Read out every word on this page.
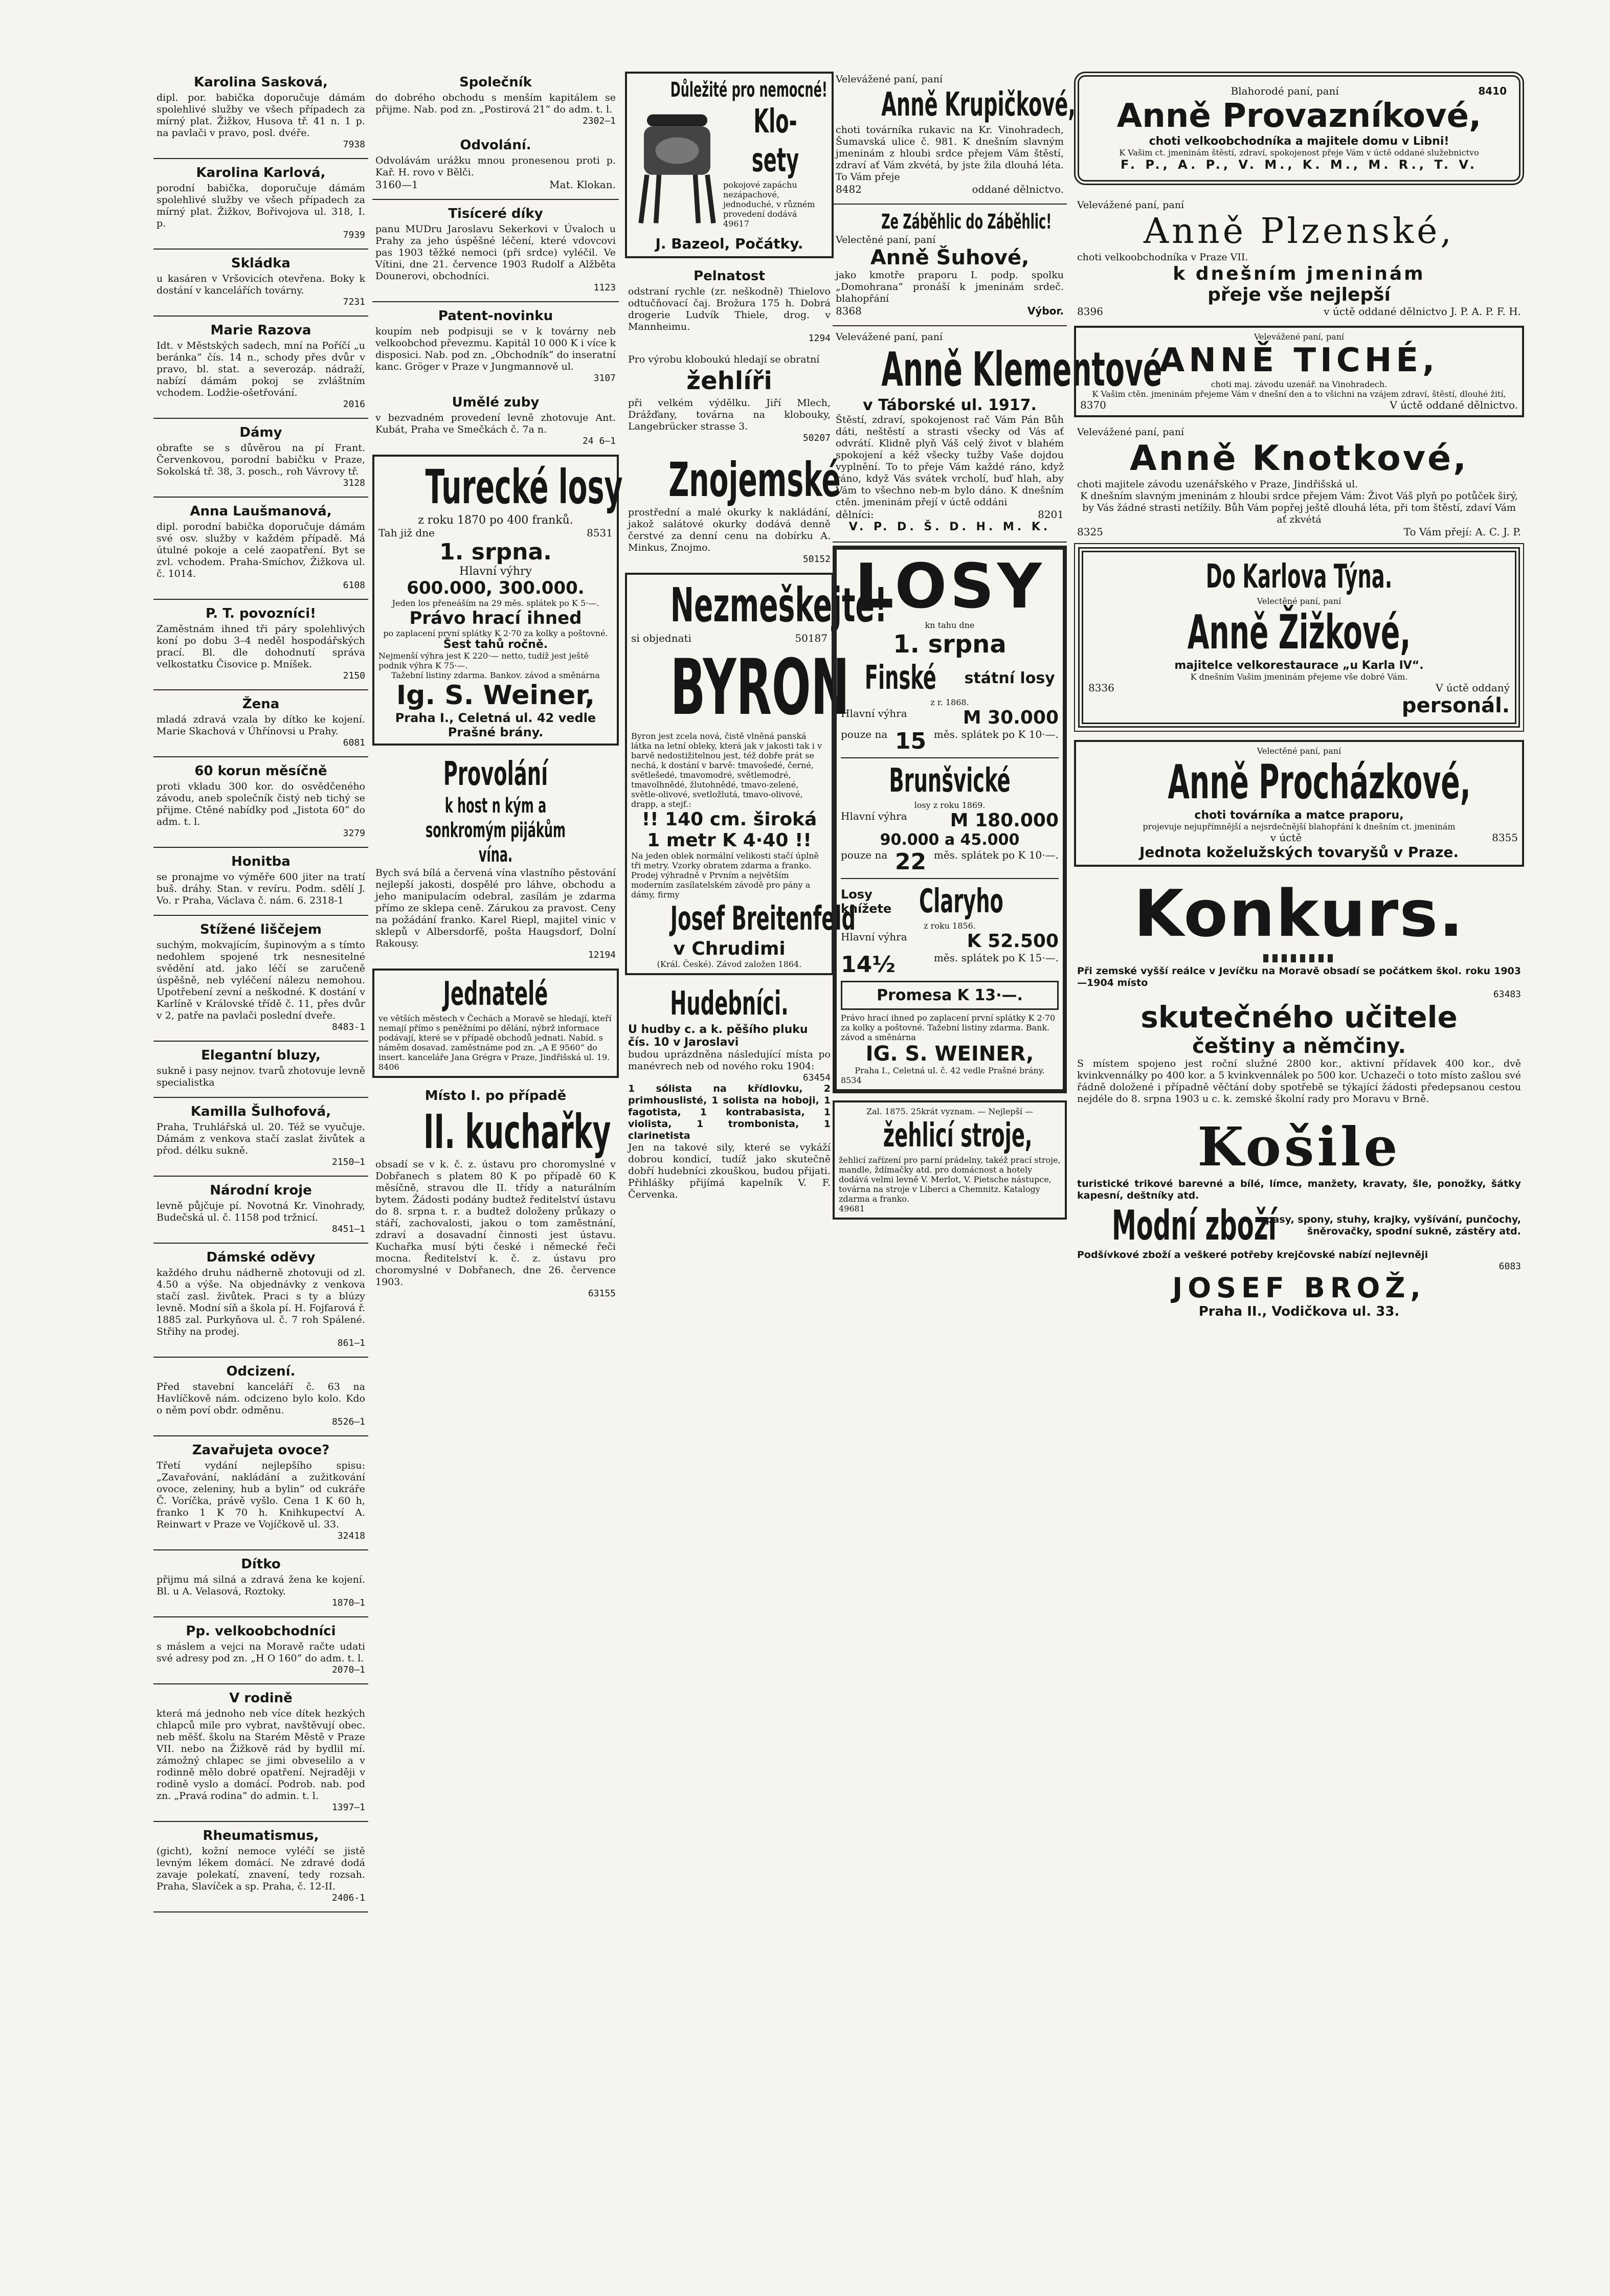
Karolina Sasková,
dipl. por. babička doporučuje dámám spolehlivé služby ve všech případech za mírný plat. Žižkov, Husova tř. 41 n. 1 p. na pavlači v pravo, posl. dvéře.
7938
Karolina Karlová,
porodní babička, doporučuje dámám spolehlivé služby ve všech případech za mírný plat. Žižkov, Bořivojova ul. 318, I. p.
7939
Skládka
u kasáren v Vršovicích otevřena. Boky k dostání v kancelářích továrny.
7231
Marie Razova
Idt. v Městských sadech, mní na Poříčí „u beránka“ čís. 14 n., schody přes dvůr v pravo, bl. stat. a severozáp. nádraží, nabízí dámám pokoj se zvláštním vchodem. Lodžie-ošetřování.
2016
Dámy
obraťte se s důvěrou na pí Frant. Červenkovou, porodní babičku v Praze, Sokolská tř. 38, 3. posch., roh Vávrovy tř.
3128
Anna Laušmanová,
dipl. porodní babička doporučuje dámám své osv. služby v každém případě. Má útulné pokoje a celé zaopatření. Byt se zvl. vchodem. Praha-Smíchov, Žižkova ul. č. 1014.
6108
P. T. povozníci!
Zaměstnám ihned tři páry spolehlivých koní po dobu 3–4 neděl hospodářských prací. Bl. dle dohodnutí správa velkostatku Čisovice p. Mníšek.
2150
Žena
mladá zdravá vzala by dítko ke kojení. Marie Skachová v Úhřínovsi u Prahy.
6081
60 korun měsíčně
proti vkladu 300 kor. do osvědčeného závodu, aneb společník čistý neb tichý se přijme. Ctěné nabídky pod „Jistota 60“ do adm. t. l.
3279
Honitba
se pronajme vo výměře 600 jiter na tratí buš. dráhy. Stan. v revíru. Podm. sdělí J. Vo. r Praha, Václava č. nám. 6. 2318-1
Stížené liščejem
suchým, mokvajícím, šupinovým a s tímto nedohlem spojené trk nesnesitelné svědění atd. jako léčí se zaručeně úspěšně, neb vyléčení nálezu nemohou. Upotřebení zevní a neškodné. K dostání v Karlíně v Královské třídě č. 11, přes dvůr v 2, patře na pavlači poslední dveře.
8483-1
Elegantní bluzy,
sukně i pasy nejnov. tvarů zhotovuje levně specialistka
Kamilla Šulhofová,
Praha, Truhlářská ul. 20. Též se vyučuje. Dámám z venkova stačí zaslat živůtek a přod. délku sukně.
2150—1
Národní kroje
levně půjčuje pí. Novotná Kr. Vinohrady, Budečská ul. č. 1158 pod tržnicí.
8451—1
Dámské oděvy
každého druhu nádherně zhotovuji od zl. 4.50 a výše. Na objednávky z venkova stačí zasl. živůtek. Praci s ty a blúzy levně. Modní síň a škola pí. H. Fojfarová ř. 1885 zal. Purkyňova ul. č. 7 roh Spálené. Střihy na prodej.
861—1
Odcizení.
Před stavební kanceláří č. 63 na Havlíčkově nám. odcizeno bylo kolo. Kdo o něm poví obdr. odměnu.
8526—1
Zavařujeta ovoce?
Třetí vydání nejlepšího spisu: „Zavařování, nakládání a zužitkování ovoce, zeleniny, hub a bylin“ od cukráře Č. Voríčka, právě vyšlo. Cena 1 K 60 h, franko 1 K 70 h. Knihkupectví A. Reinwart v Praze ve Vojíčkově ul. 33.
32418
Dítko
přijmu má silná a zdravá žena ke kojení. Bl. u A. Velasová, Roztoky.
1870—1
Pp. velkoobchodníci
s máslem a vejci na Moravě račte udati své adresy pod zn. „H O 160“ do adm. t. l.
2070—1
V rodině
která má jednoho neb více dítek hezkých chlapců mile pro vybrat, navštěvují obec. neb měšť. školu na Starém Městě v Praze VII. nebo na Žižkově rád by bydlil mí. zámožný chlapec se jimi obveselilo a v rodinně mělo dobré opatření. Nejraději v rodině vyslo a domácí. Podrob. nab. pod zn. „Pravá rodina“ do admin. t. l.
1397—1
Rheumatismus,
(gicht), kožní nemoce vyléčí se jistě levným lékem domácí. Ne zdravé dodá zavaje polekatí, znavení, tedy rozsah. Praha, Slavíček a sp. Praha, č. 12-II.
2406-1
Společník
do dobrého obchodu s menším kapitálem se přijme. Nab. pod zn. „Postirová 21“ do adm. t. l.
2302—1
Odvolání.
Odvolávám urážku mnou pronesenou proti p. Kař. H. rovo v Bělči.
3160—1	Mat. Klokan.
Tisíceré díky
panu MUDru Jaroslavu Sekerkovi v Úvaloch u Prahy za jeho úspěšné léčení, které vdovcovi pas 1903 těžké nemoci (při srdce) vyléčil. Ve Vítini, dne 21. července 1903 Rudolf a Alžběta Dounerovi, obchodníci.
1123
Patent-novinku
koupím neb podpisuji se v k továrny neb velkoobchod převezmu. Kapitál 10 000 K i více k disposici. Nab. pod zn. „Obchodník“ do inseratní kanc. Gröger v Praze v Jungmannově ul.
3107
Umělé zuby
v bezvadném provedení levně zhotovuje Ant. Kubát, Praha ve Smečkách č. 7a n.
24 6—1
Turecké losy
z roku 1870 po 400 franků.
Tah již dne	8531
1. srpna.
Hlavní výhry
600.000, 300.000.
Jeden los přeneáším na 29 měs. splátek po K 5·—.
Právo hrací ihned
po zaplacení první splátky K 2·70 za kolky a poštovné.
Šest tahů ročně.
Nejmenší výhra jest K 220·— netto, tudíž jest ještě podnik výhra K 75·—.
Tažební listiny zdarma. Bankov. závod a směnárna
Ig. S. Weiner,
Praha I., Celetná ul. 42 vedle Prašné brány.
Provolání
k host n kým a sonkromým pijákům vína.
Bych svá bílá a červená vína vlastního pěstování nejlepší jakosti, dospělé pro láhve, obchodu a jeho manipulacím odebral, zasílám je zdarma přímo ze sklepa ceně. Zárukou za pravost. Ceny na požádání franko. Karel Riepl, majitel vinic v sklepů v Albersdorfě, pošta Haugsdorf, Dolní Rakousy.
12194
Jednatelé
ve větších městech v Čechách a Moravě se hledají, kteří nemají přímo s peněžními po dělání, nýbrž informace podávají, které se v případě obchodů jednati. Nabíd. s náměm dosavad. zaměstnáme pod zn. „A E 9560“ do insert. kanceláře Jana Grégra v Praze, Jindřišská ul. 19.
8406
Místo I. po případě
II. kuchařky
obsadí se v k. č. z. ústavu pro choromyslné v Dobřanech s platem 80 K po případě 60 K měsíčně, stravou dle II. třídy a naturálním bytem. Žádosti podány budtež ředitelství ústavu do 8. srpna t. r. a budtež doloženy průkazy o stáří, zachovalosti, jakou o tom zaměstnání, zdraví a dosavadní činnosti jest ústavu. Kuchařka musí býti české i německé řeči mocna. Ředitelství k. č. z. ústavu pro choromyslné v Dobřanech, dne 26. července 1903.
63155
Důležité pro nemocné!
Klo-
sety
pokojové zapáchu nezápachové, jednoduché, v různém provedení dodává
49617
J. Bazeol, Počátky.
Pelnatost
odstraní rychle (zr. neškodně) Thielovo odtučňovací čaj. Brožura 175 h. Dobrá drogerie Ludvík Thiele, drog. v Mannheimu.
1294
Pro výrobu kloboukú hledají se obratní
žehlíři
při velkém výdělku. Jiří Mlech, Drážďany, továrna na klobouky, Langebrücker strasse 3.
50207
Znojemské
prostřední a malé okurky k nakládání, jakož salátové okurky dodává denně čerstvé za denní cenu na dobírku A. Minkus, Znojmo.
50152
Nezmeškejte!
si objednati	50187
BYRON
Byron jest zcela nová, čistě vlněná panská látka na letní obleky, která jak v jakosti tak i v barvě nedostižitelnou jest, též dobře prát se nechá, k dostání v barvě: tmavošedé, černé, světlešedé, tmavomodré, světlemodré, tmavolhnědé, žlutohnědé, tmavo-zelené, světle-olivové, svetložlutá, tmavo-olivové, drapp, a stejf.:
!! 140 cm. široká
1 metr K 4·40 !!
Na jeden oblek normální velikosti stačí úplně tři metry. Vzorky obratem zdarma a franko. Prodej výhradně v Prvním a největším moderním zasílatelském závodě pro pány a dámy, firmy
Josef Breitenfeld
v Chrudimi
(Král. České). Závod založen 1864.
Hudebníci.
U hudby c. a k. pěšího pluku čís. 10 v Jaroslavi
budou uprázdněna následující místa po manévrech neb od nového roku 1904:
63454
1 sólista na křídlovku, 2 primhouslisté, 1 solista na hoboji, 1 fagotista, 1 kontrabasista, 1 violista, 1 trombonista, 1 clarinetista
Jen na takové sily, které se vykáží dobrou kondicí, tudíž jako skutečně dobří hudebníci zkouškou, budou přijati. Přihlášky přijímá kapelník V. F. Červenka.
Velevážené paní, paní
Anně Krupičkové,
choti továrníka rukavic na Kr. Vinohradech, Šumavská ulice č. 981. K dnešním slavným jmeninám z hloubi srdce přejem Vám štěstí, zdraví ať Vám zkvétá, by jste žila dlouhá léta. To Vám přeje
8482	oddané dělnictvo.
Ze Záběhlic do Záběhlic!
Velectěné paní, paní
Anně Šuhové,
jako kmotře praporu I. podp. spolku „Domohrana“ pronáší k jmeninám srdeč. blahopřání
8368	Výbor.
Velevážené paní, paní
Anně Klementové
v Táborské ul. 1917.
Štěstí, zdraví, spokojenost rač Vám Pán Bůh dáti, neštěstí a strasti všecky od Vás ať odvrátí. Klidně plyň Váš celý život v blahém spokojení a kéž všecky tužby Vaše dojdou vyplnění. To to přeje Vám každé ráno, když ráno, když Vás svátek vrcholí, buď hlah, aby Vám to všechno neb-m bylo dáno. K dnešním ctěn. jmeninám přejí v úctě oddáni
dělníci:	8201
V. P. D. Š. D. H. M. K.
LOSY
kn tahu dne
1. srpna
Finské státní losy
z r. 1868.
Hlavní výhra	M 30.000
pouze na 15 měs. splátek po K 10·—.
Brunšvické
losy z roku 1869.
Hlavní výhra M 180.000
90.000 a 45.000
pouze na 22 měs. splátek po K 10·—.
Losy knížete Claryho
z roku 1856.
Hlavní výhra	K 52.500
14½	měs. splátek po K 15·—.
Promesa K 13·—.
Právo hrací ihned po zaplacení první splátky K 2·70 za kolky a poštovné. Tažební listiny zdarma. Bank. závod a směnárna
IG. S. WEINER,
Praha I., Celetná ul. č. 42 vedle Prašné brány.
8534
Zal. 1875. 25krát vyznam. — Nejlepší —
žehlicí stroje,
žehlicí zařízení pro parní prádelny, takéž prací stroje, mandle, ždímačky atd. pro domácnost a hotely dodává velmi levně V. Merlot, V. Pietsche nástupce, továrna na stroje v Liberci a Chemnitz. Katalogy zdarma a franko.
49681
Blahorodé paní, paní	8410
Anně Provazníkové,
choti velkoobchodníka a majitele domu v Libni!
K Vašim ct. jmeninám štěstí, zdraví, spokojenost přeje Vám v úctě oddané služebnictvo
F. P., A. P., V. M., K. M., M. R., T. V.
Velevážené paní, paní
Anně Plzenské,
choti velkoobchodníka v Praze VII.
k dnešním jmeninám
přeje vše nejlepší
8396	v úctě oddané dělnictvo J. P. A. P. F. H.
Velevážené paní, paní
ANNĚ TICHÉ,
choti maj. závodu uzenář. na Vinohradech.
K Vašim ctěn. jmeninám přejeme Vám v dnešní den a to všichni na vzájem zdraví, štěstí, dlouhé žití,
8370	V úctě oddané dělnictvo.
Velevážené paní, paní
Anně Knotkové,
choti majitele závodu uzenářského v Praze, Jindřišská ul.
K dnešním slavným jmeninám z hloubi srdce přejem Vám: Život Váš plyň po potůček širý, by Vás žádné strasti netížily. Bůh Vám popřej ještě dlouhá léta, při tom štěstí, zdaví Vám ať zkvétá
8325	To Vám přejí: A. C. J. P.
Do Karlova Týna.
Velectěné paní, paní
Anně Žižkové,
majitelce velkorestaurace „u Karla IV“.
K dnešním Vašim jmeninám přejeme vše dobré Vám.
8336	V úctě oddaný
personál.
Velectěné paní, paní
Anně Procházkové,
choti továrníka a matce praporu,
projevuje nejupřímnější a nejsrdečnější blahopřání k dnešním ct. jmeninám
v úctě	8355
Jednota koželužských tovaryšů v Praze.
Konkurs.
Při zemské vyšší reálce v Jevíčku na Moravě obsadí se počátkem škol. roku 1903—1904 místo
63483
skutečného učitele
češtiny a němčiny.
S místem spojeno jest roční služné 2800 kor., aktivní přídavek 400 kor., dvě kvinkvennálky po 400 kor. a 5 kvinkvennálek po 500 kor. Uchazeči o toto místo zašlou své řádně doložené i případně věčtání doby spotřebě se týkající žádosti předepsanou cestou nejdéle do 8. srpna 1903 u c. k. zemské školní rady pro Moravu v Brně.
Košile
turistické trikové barevné a bílé, límce, manžety, kravaty, šle, ponožky, šátky kapesní, deštníky atd.
Modní zboží
pasy, spony, stuhy, krajky, vyšívání, punčochy, šněrovačky, spodní sukně, zástěry atd.
Podšívkové zboží a veškeré potřeby krejčovské nabízí nejlevněji
6083
JOSEF BROŽ,
Praha II., Vodičkova ul. 33.
